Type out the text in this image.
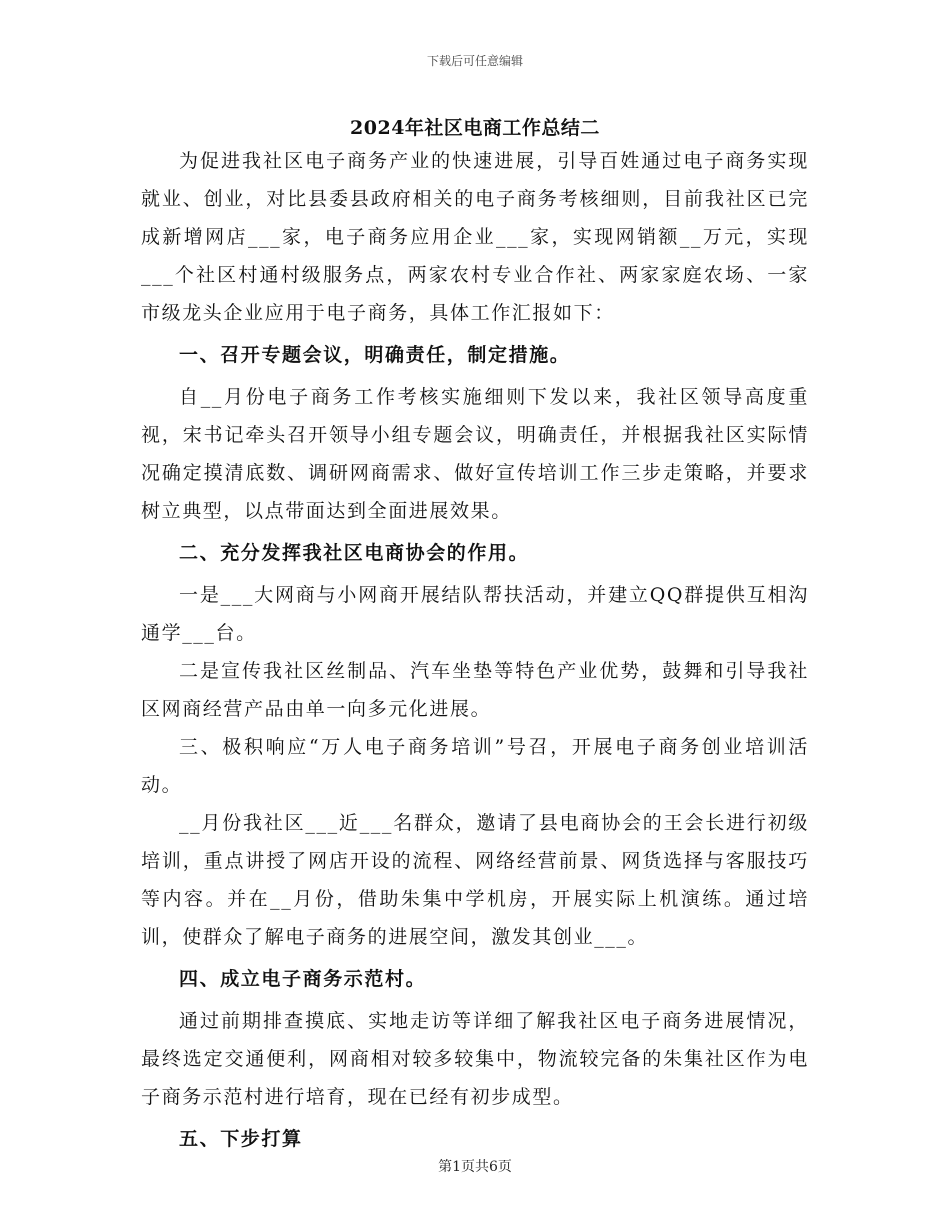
下载后可任意编辑
2024年社区电商工作总结二

为促进我社区电子商务产业的快速进展，引导百姓通过电子商务实现就业、创业，对比县委县政府相关的电子商务考核细则，目前我社区已完成新增网店___家，电子商务应用企业___家，实现网销额__万元，实现___个社区村通村级服务点，两家农村专业合作社、两家家庭农场、一家市级龙头企业应用于电子商务，具体工作汇报如下：

一、召开专题会议，明确责任，制定措施。

自__月份电子商务工作考核实施细则下发以来，我社区领导高度重视，宋书记牵头召开领导小组专题会议，明确责任，并根据我社区实际情况确定摸清底数、调研网商需求、做好宣传培训工作三步走策略，并要求树立典型，以点带面达到全面进展效果。

二、充分发挥我社区电商协会的作用。

一是___大网商与小网商开展结队帮扶活动，并建立QQ群提供互相沟通学___台。

二是宣传我社区丝制品、汽车坐垫等特色产业优势，鼓舞和引导我社区网商经营产品由单一向多元化进展。

三、极积响应“万人电子商务培训”号召，开展电子商务创业培训活动。

__月份我社区___近___名群众，邀请了县电商协会的王会长进行初级培训，重点讲授了网店开设的流程、网络经营前景、网货选择与客服技巧等内容。并在__月份，借助朱集中学机房，开展实际上机演练。通过培训，使群众了解电子商务的进展空间，激发其创业___。

四、成立电子商务示范村。

通过前期排查摸底、实地走访等详细了解我社区电子商务进展情况，最终选定交通便利，网商相对较多较集中，物流较完备的朱集社区作为电子商务示范村进行培育，现在已经有初步成型。

五、下步打算

第1页共6页
